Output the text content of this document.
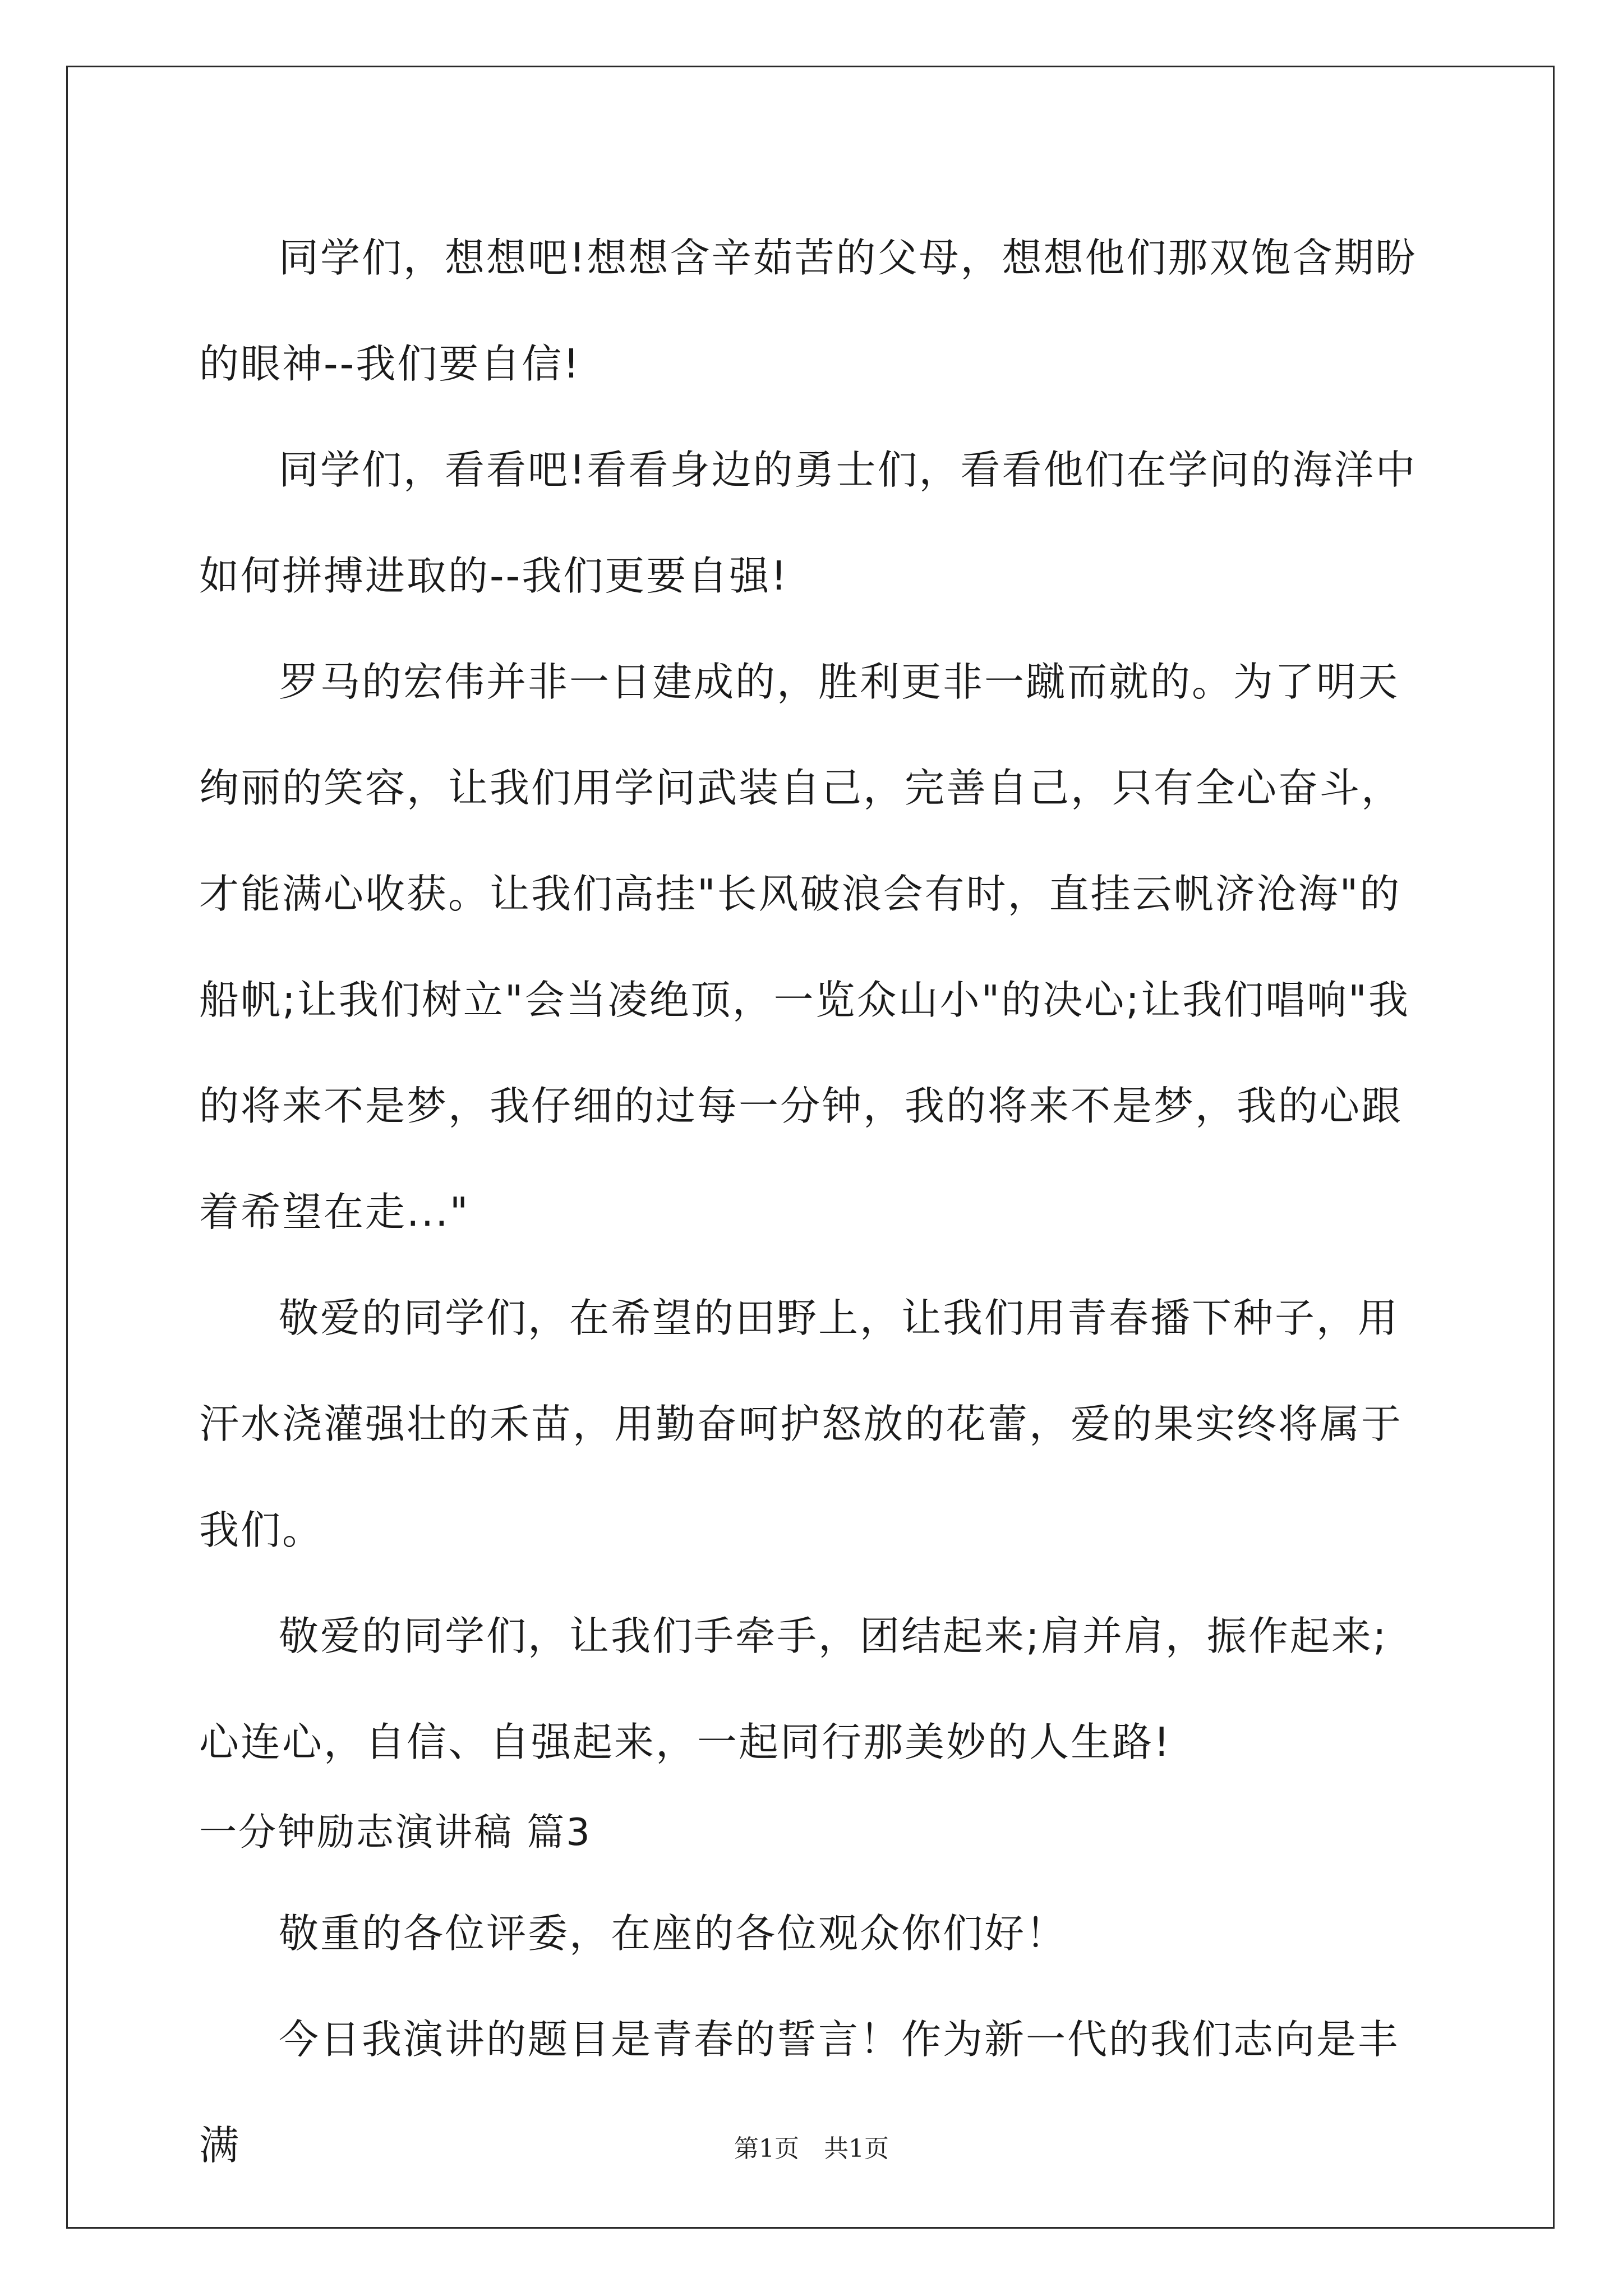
同学们，想想吧!想想含辛茹苦的父母，想想他们那双饱含期盼的眼神--我们要自信!

同学们，看看吧!看看身边的勇士们，看看他们在学问的海洋中如何拼搏进取的--我们更要自强!

罗马的宏伟并非一日建成的，胜利更非一蹴而就的。为了明天绚丽的笑容，让我们用学问武装自己，完善自己，只有全心奋斗，才能满心收获。让我们高挂"长风破浪会有时，直挂云帆济沧海"的船帆;让我们树立"会当凌绝顶，一览众山小"的决心;让我们唱响"我的将来不是梦，我仔细的过每一分钟，我的将来不是梦，我的心跟着希望在走..."

敬爱的同学们，在希望的田野上，让我们用青春播下种子，用汗水浇灌强壮的禾苗，用勤奋呵护怒放的花蕾，爱的果实终将属于我们。

敬爱的同学们，让我们手牵手，团结起来;肩并肩，振作起来;心连心，自信、自强起来，一起同行那美妙的人生路!

一分钟励志演讲稿 篇3

敬重的各位评委，在座的各位观众你们好！

今日我演讲的题目是青春的誓言！作为新一代的我们志向是丰满	第1页　共1页
